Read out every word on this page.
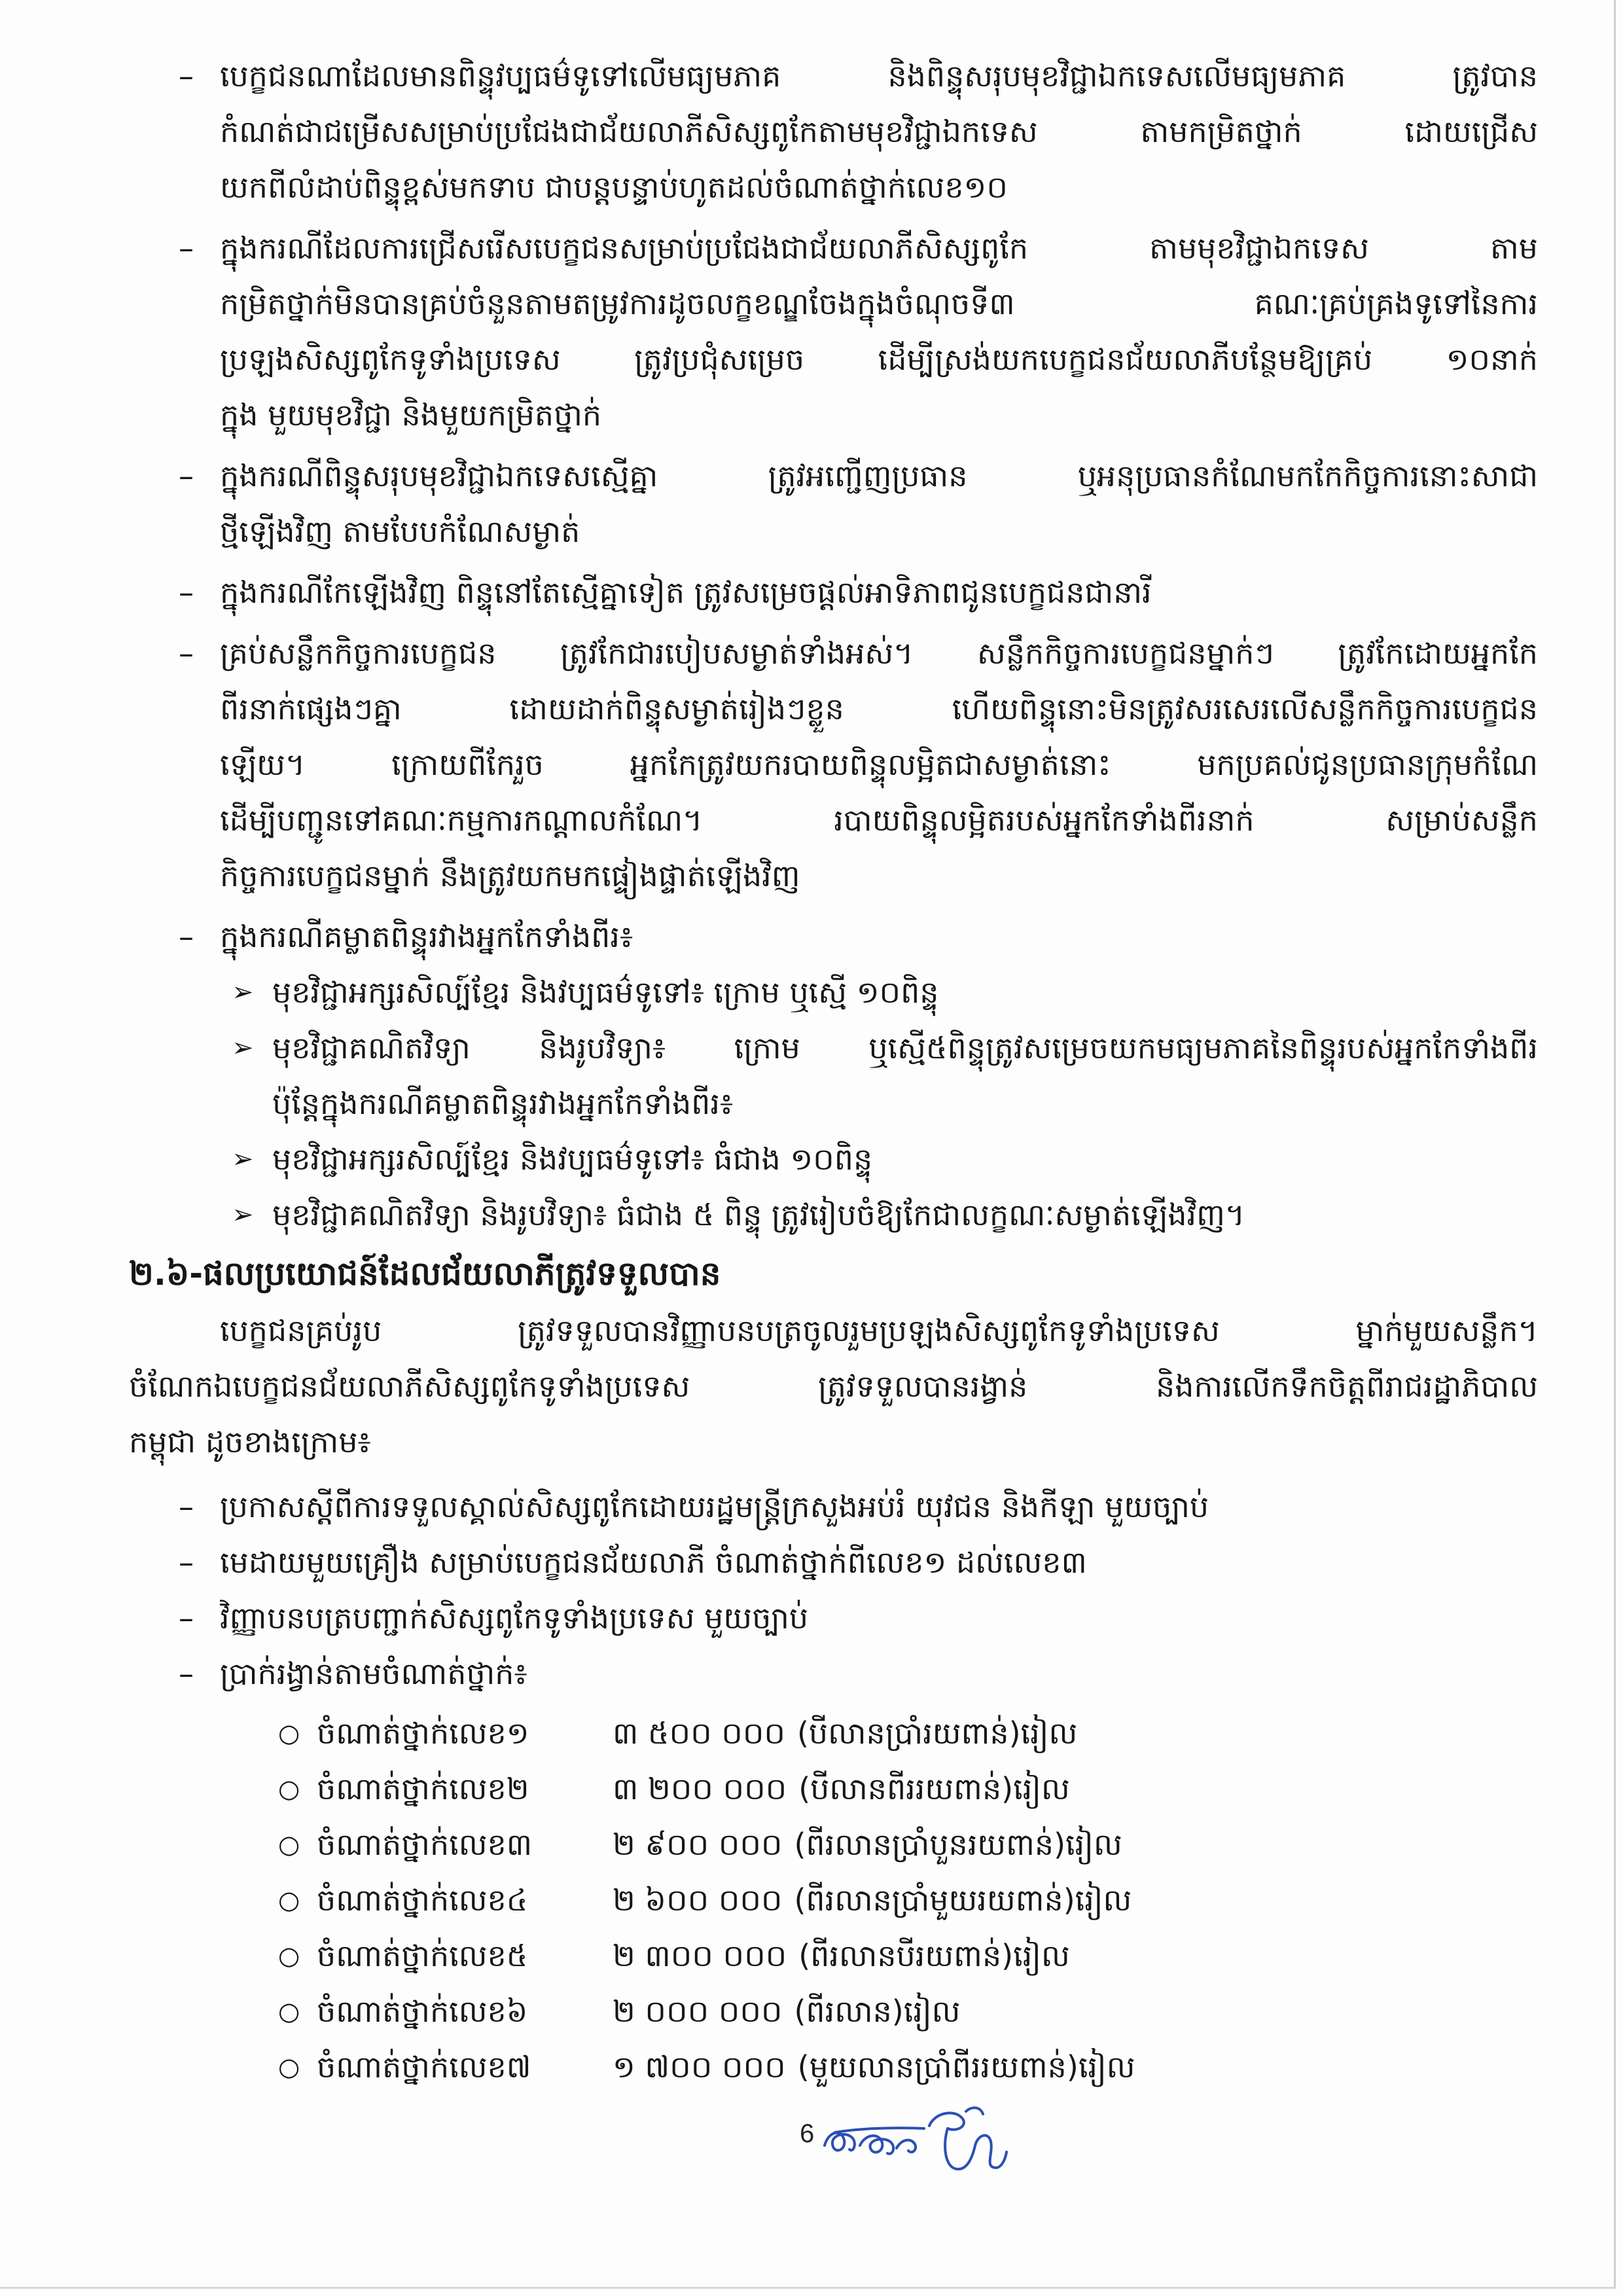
– បេក្ខជនណាដែលមានពិន្ទុវប្បធម៌ទូទៅលើមធ្យមភាគ និងពិន្ទុសរុបមុខវិជ្ជាឯកទេសលើមធ្យមភាគ ត្រូវបាន
កំណត់ជាជម្រើសសម្រាប់ប្រជែងជាជ័យលាភីសិស្សពូកែតាមមុខវិជ្ជាឯកទេស តាមកម្រិតថ្នាក់ ដោយជ្រើស
យកពីលំដាប់ពិន្ទុខ្ពស់មកទាប ជាបន្តបន្ទាប់ហូតដល់ចំណាត់ថ្នាក់លេខ១០
– ក្នុងករណីដែលការជ្រើសរើសបេក្ខជនសម្រាប់ប្រជែងជាជ័យលាភីសិស្សពូកែ តាមមុខវិជ្ជាឯកទេស តាម
កម្រិតថ្នាក់មិនបានគ្រប់ចំនួនតាមតម្រូវការដូចលក្ខខណ្ឌចែងក្នុងចំណុចទី៣ គណៈគ្រប់គ្រងទូទៅនៃការ
ប្រឡងសិស្សពូកែទូទាំងប្រទេស ត្រូវប្រជុំសម្រេច ដើម្បីស្រង់យកបេក្ខជនជ័យលាភីបន្ថែមឱ្យគ្រប់ ១០នាក់
ក្នុង មួយមុខវិជ្ជា និងមួយកម្រិតថ្នាក់
– ក្នុងករណីពិន្ទុសរុបមុខវិជ្ជាឯកទេសស្មើគ្នា ត្រូវអញ្ជើញប្រធាន ឬអនុប្រធានកំណែមកកែកិច្ចការនោះសាជា
ថ្មីឡើងវិញ តាមបែបកំណែសម្ងាត់
– ក្នុងករណីកែឡើងវិញ ពិន្ទុនៅតែស្មើគ្នាទៀត ត្រូវសម្រេចផ្តល់អាទិភាពជូនបេក្ខជនជានារី
– គ្រប់សន្លឹកកិច្ចការបេក្ខជន ត្រូវកែជារបៀបសម្ងាត់ទាំងអស់។ សន្លឹកកិច្ចការបេក្ខជនម្នាក់ៗ ត្រូវកែដោយអ្នកកែ
ពីរនាក់ផ្សេងៗគ្នា ដោយដាក់ពិន្ទុសម្ងាត់រៀងៗខ្លួន ហើយពិន្ទុនោះមិនត្រូវសរសេរលើសន្លឹកកិច្ចការបេក្ខជន
ឡើយ។ ក្រោយពីកែរួច អ្នកកែត្រូវយករបាយពិន្ទុលម្អិតជាសម្ងាត់នោះ មកប្រគល់ជូនប្រធានក្រុមកំណែ
ដើម្បីបញ្ជូនទៅគណៈកម្មការកណ្តាលកំណែ។ របាយពិន្ទុលម្អិតរបស់អ្នកកែទាំងពីរនាក់ សម្រាប់សន្លឹក
កិច្ចការបេក្ខជនម្នាក់ នឹងត្រូវយកមកផ្ទៀងផ្ទាត់ឡើងវិញ
– ក្នុងករណីគម្លាតពិន្ទុរវាងអ្នកកែទាំងពីរ៖
➢ មុខវិជ្ជាអក្សរសិល្ប៍ខ្មែរ និងវប្បធម៌ទូទៅ៖ ក្រោម ឬស្មើ ១០ពិន្ទុ
➢ មុខវិជ្ជាគណិតវិទ្យា និងរូបវិទ្យា៖ ក្រោម ឬស្មើ៥ពិន្ទុត្រូវសម្រេចយកមធ្យមភាគនៃពិន្ទុរបស់អ្នកកែទាំងពីរ
ប៉ុន្តែក្នុងករណីគម្លាតពិន្ទុរវាងអ្នកកែទាំងពីរ៖
➢ មុខវិជ្ជាអក្សរសិល្ប៍ខ្មែរ និងវប្បធម៌ទូទៅ៖ ធំជាង ១០ពិន្ទុ
➢ មុខវិជ្ជាគណិតវិទ្យា និងរូបវិទ្យា៖ ធំជាង ៥ ពិន្ទុ ត្រូវរៀបចំឱ្យកែជាលក្ខណៈសម្ងាត់ឡើងវិញ។
២.៦-ផលប្រយោជន៍ដែលជ័យលាភីត្រូវទទួលបាន
បេក្ខជនគ្រប់រូប ត្រូវទទួលបានវិញ្ញាបនបត្រចូលរួមប្រឡងសិស្សពូកែទូទាំងប្រទេស ម្នាក់មួយសន្លឹក។
ចំណែកឯបេក្ខជនជ័យលាភីសិស្សពូកែទូទាំងប្រទេស ត្រូវទទួលបានរង្វាន់ និងការលើកទឹកចិត្តពីរាជរដ្ឋាភិបាល
កម្ពុជា ដូចខាងក្រោម៖
– ប្រកាសស្តីពីការទទួលស្គាល់សិស្សពូកែដោយរដ្ឋមន្ត្រីក្រសួងអប់រំ យុវជន និងកីឡា មួយច្បាប់
– មេដាយមួយគ្រឿង សម្រាប់បេក្ខជនជ័យលាភី ចំណាត់ថ្នាក់ពីលេខ១ ដល់លេខ៣
– វិញ្ញាបនបត្របញ្ជាក់សិស្សពូកែទូទាំងប្រទេស មួយច្បាប់
– ប្រាក់រង្វាន់តាមចំណាត់ថ្នាក់៖
○ ចំណាត់ថ្នាក់លេខ១	៣ ៥០០ ០០០ (បីលានប្រាំរយពាន់)រៀល
○ ចំណាត់ថ្នាក់លេខ២	៣ ២០០ ០០០ (បីលានពីររយពាន់)រៀល
○ ចំណាត់ថ្នាក់លេខ៣	២ ៩០០ ០០០ (ពីរលានប្រាំបួនរយពាន់)រៀល
○ ចំណាត់ថ្នាក់លេខ៤	២ ៦០០ ០០០ (ពីរលានប្រាំមួយរយពាន់)រៀល
○ ចំណាត់ថ្នាក់លេខ៥	២ ៣០០ ០០០ (ពីរលានបីរយពាន់)រៀល
○ ចំណាត់ថ្នាក់លេខ៦	២ ០០០ ០០០ (ពីរលាន)រៀល
○ ចំណាត់ថ្នាក់លេខ៧	១ ៧០០ ០០០ (មួយលានប្រាំពីររយពាន់)រៀល
6
